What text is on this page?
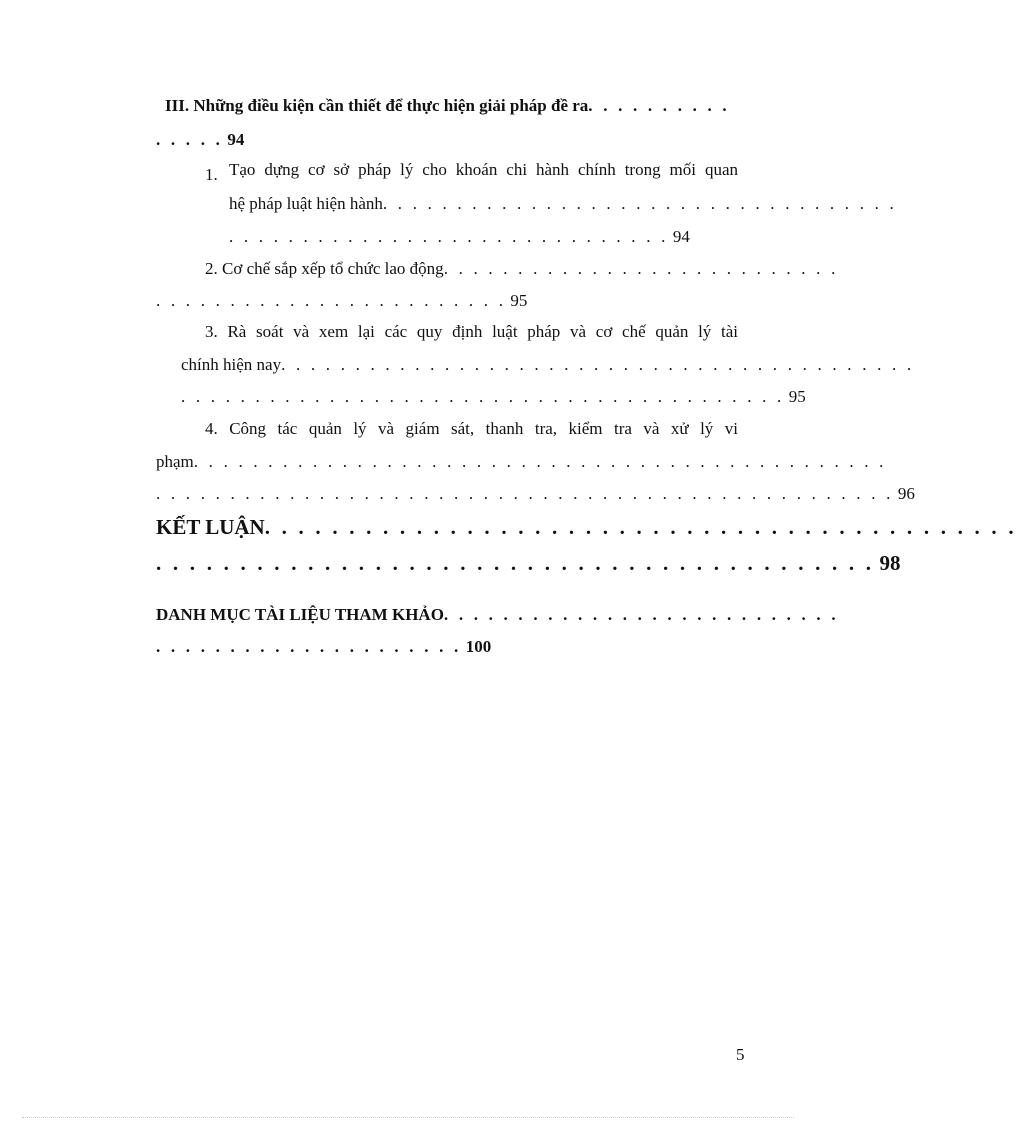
III. Những điều kiện cần thiết để thực hiện giải pháp đề ra. . . . . . . . . .
. . . . . 94
1. Tạo dựng cơ sở pháp lý cho khoán chi hành chính trong mối quan
hệ pháp luật hiện hành. . . . . . . . . . . . . . . . . . . . . . . . . . . . . . . . . . .
. . . . . . . . . . . . . . . . . . . . . . . . . . . . . . 94
2. Cơ chế sắp xếp tổ chức lao động. . . . . . . . . . . . . . . . . . . . . . . . . . .
. . . . . . . . . . . . . . . . . . . . . . . . 95
3. Rà soát và xem lại các quy định luật pháp và cơ chế quản lý tài
chính hiện nay. . . . . . . . . . . . . . . . . . . . . . . . . . . . . . . . . . . . . . . . . . .
. . . . . . . . . . . . . . . . . . . . . . . . . . . . . . . . . . . . . . . . . 95
4. Công tác quản lý và giám sát, thanh tra, kiểm tra và xử lý vi
phạm. . . . . . . . . . . . . . . . . . . . . . . . . . . . . . . . . . . . . . . . . . . . . . .
. . . . . . . . . . . . . . . . . . . . . . . . . . . . . . . . . . . . . . . . . . . . . . . . . . 96
KẾT LUẬN. . . . . . . . . . . . . . . . . . . . . . . . . . . . . . . . . . . . . . . . . . . . .
. . . . . . . . . . . . . . . . . . . . . . . . . . . . . . . . . . . . . . . . . . . 98
DANH MỤC TÀI LIỆU THAM KHẢO. . . . . . . . . . . . . . . . . . . . . . . . . . .
. . . . . . . . . . . . . . . . . . . . . 100
5
